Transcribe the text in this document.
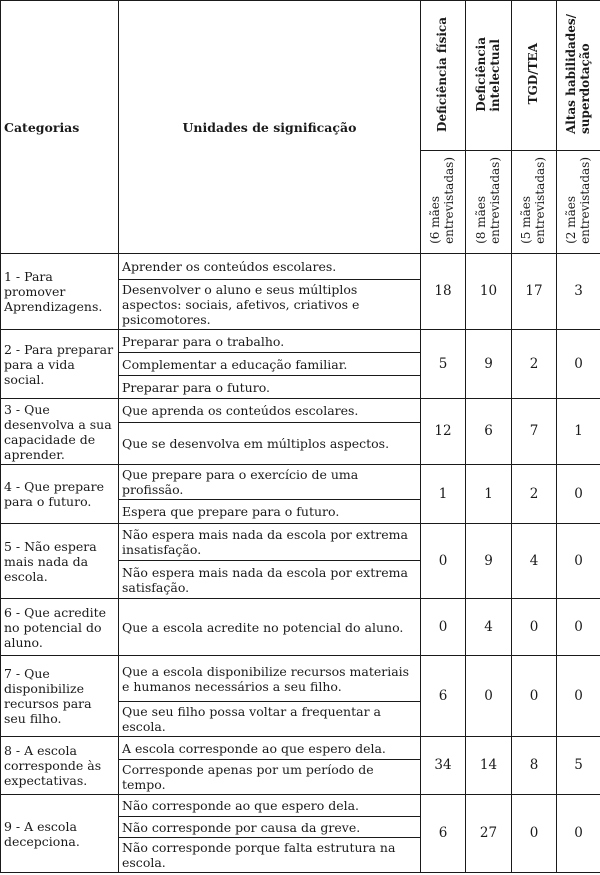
Categorias	Unidades de significação	Deficiência física	Deficiência intelectual	TGD/TEA	Altas habilidades/ superdotação

		(6 mães entrevistadas)	(8 mães entrevistadas)	(5 mães entrevistadas)	(2 mães entrevistadas)

1 - Para promover Aprendizagens.	Aprender os conteúdos escolares.	18	10	17	3
	Desenvolver o aluno e seus múltiplos aspectos: sociais, afetivos, criativos e psicomotores.				
2 - Para preparar para a vida social.	Preparar para o trabalho.	5	9	2	0
	Complementar a educação familiar.				
	Preparar para o futuro.				
3 - Que desenvolva a sua capacidade de aprender.	Que aprenda os conteúdos escolares.	12	6	7	1
	Que se desenvolva em múltiplos aspectos.				
4 - Que prepare para o futuro.	Que prepare para o exercício de uma profissão.	1	1	2	0
	Espera que prepare para o futuro.				
5 - Não espera mais nada da escola.	Não espera mais nada da escola por extrema insatisfação.	0	9	4	0
	Não espera mais nada da escola por extrema satisfação.				
6 - Que acredite no potencial do aluno.	Que a escola acredite no potencial do aluno.	0	4	0	0
7 - Que disponibilize recursos para seu filho.	Que a escola disponibilize recursos materiais e humanos necessários a seu filho.	6	0	0	0
	Que seu filho possa voltar a frequentar a escola.				
8 - A escola corresponde às expectativas.	A escola corresponde ao que espero dela.	34	14	8	5
	Corresponde apenas por um período de tempo.				
9 - A escola decepciona.	Não corresponde ao que espero dela.	6	27	0	0
	Não corresponde por causa da greve.				
	Não corresponde porque falta estrutura na escola.				
